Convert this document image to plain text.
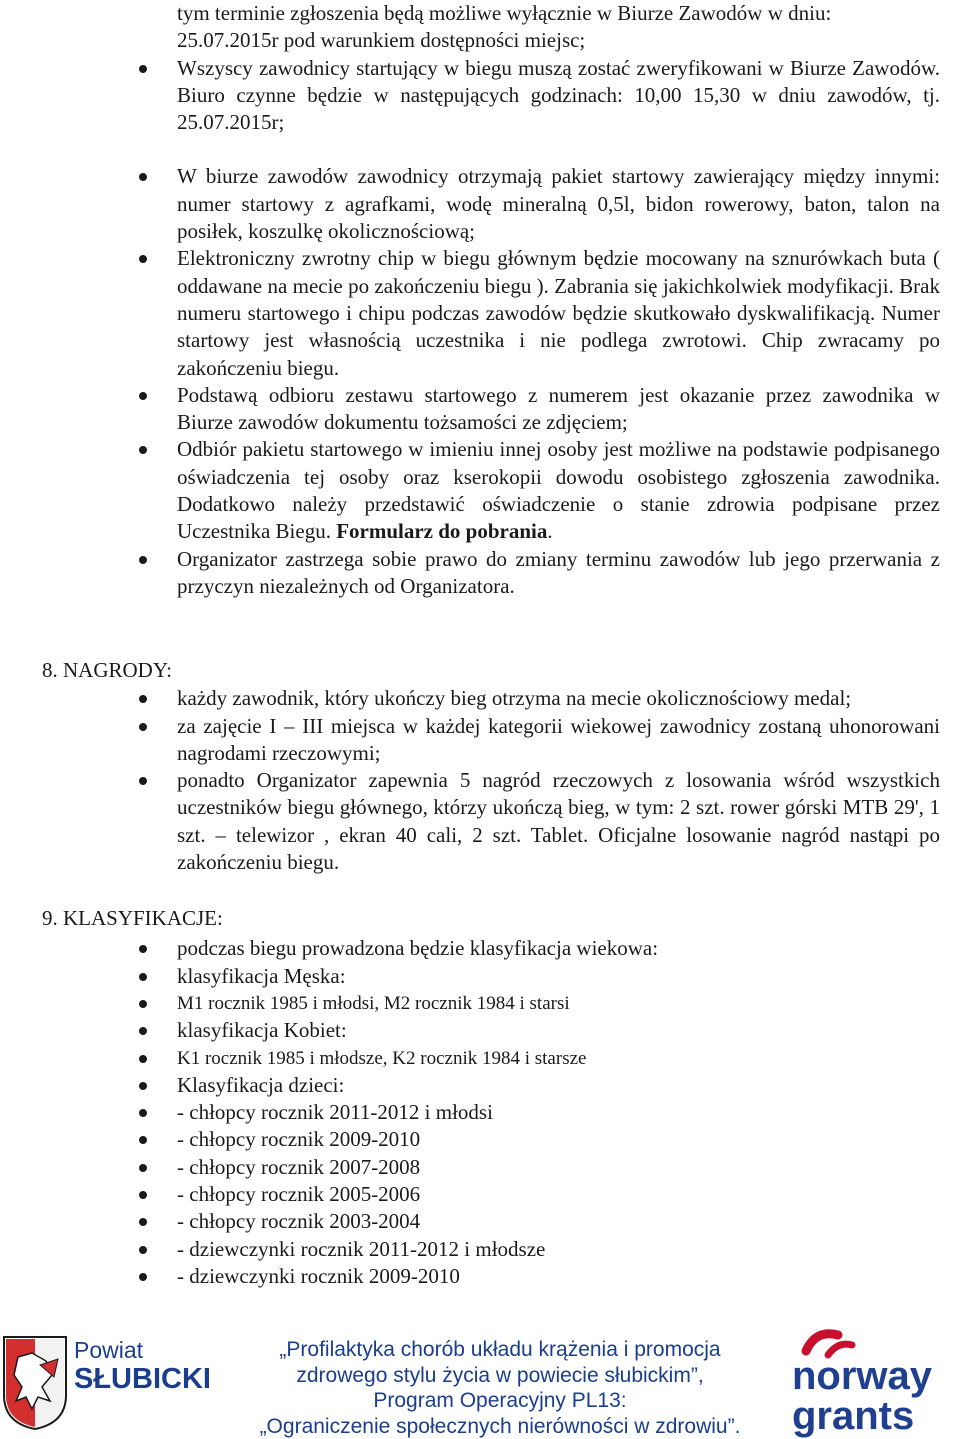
tym terminie zgłoszenia będą możliwe wyłącznie w Biurze Zawodów w dniu:

25.07.2015r pod warunkiem dostępności miejsc;

Wszyscy zawodnicy startujący w biegu muszą zostać zweryfikowani w Biurze Zawodów. Biuro czynne będzie w następujących godzinach: 10,00 15,30 w dniu zawodów, tj. 25.07.2015r;
W biurze zawodów zawodnicy otrzymają pakiet startowy zawierający między innymi: numer startowy z agrafkami, wodę mineralną 0,5l, bidon rowerowy, baton, talon na posiłek, koszulkę okolicznościową;
Elektroniczny zwrotny chip w biegu głównym będzie mocowany na sznurówkach buta ( oddawane na mecie po zakończeniu biegu ). Zabrania się jakichkolwiek modyfikacji. Brak numeru startowego i chipu podczas zawodów będzie skutkowało dyskwalifikacją. Numer startowy jest własnością uczestnika i nie podlega zwrotowi. Chip zwracamy po zakończeniu biegu.
Podstawą odbioru zestawu startowego z numerem jest okazanie przez zawodnika w Biurze zawodów dokumentu tożsamości ze zdjęciem;
Odbiór pakietu startowego w imieniu innej osoby jest możliwe na podstawie podpisanego oświadczenia tej osoby oraz kserokopii dowodu osobistego zgłoszenia zawodnika. Dodatkowo należy przedstawić oświadczenie o stanie zdrowia podpisane przez Uczestnika Biegu. Formularz do pobrania.
Organizator zastrzega sobie prawo do zmiany terminu zawodów lub jego przerwania z przyczyn niezależnych od Organizatora.
8. NAGRODY:
każdy zawodnik, który ukończy bieg otrzyma na mecie okolicznościowy medal;
za zajęcie I – III miejsca w każdej kategorii wiekowej zawodnicy zostaną uhonorowani nagrodami rzeczowymi;
ponadto Organizator zapewnia 5 nagród rzeczowych z losowania wśród wszystkich uczestników biegu głównego, którzy ukończą bieg, w tym: 2 szt. rower górski MTB 29', 1 szt. – telewizor , ekran 40 cali, 2 szt. Tablet. Oficjalne losowanie nagród nastąpi po zakończeniu biegu.
9. KLASYFIKACJE:
podczas biegu prowadzona będzie klasyfikacja wiekowa:
klasyfikacja Męska:
M1 rocznik 1985 i młodsi, M2 rocznik 1984 i starsi
klasyfikacja Kobiet:
K1 rocznik 1985 i młodsze, K2 rocznik 1984 i starsze
Klasyfikacja dzieci:
- chłopcy rocznik 2011-2012 i młodsi
- chłopcy rocznik 2009-2010
- chłopcy rocznik 2007-2008
- chłopcy rocznik 2005-2006
- chłopcy rocznik 2003-2004
- dziewczynki rocznik 2011-2012 i młodsze
- dziewczynki rocznik 2009-2010
Powiat
SŁUBICKI
„Profilaktyka chorób układu krążenia i promocja
zdrowego stylu życia w powiecie słubickim”,
Program Operacyjny PL13:
„Ograniczenie społecznych nierówności w zdrowiu”.
norway
grants
